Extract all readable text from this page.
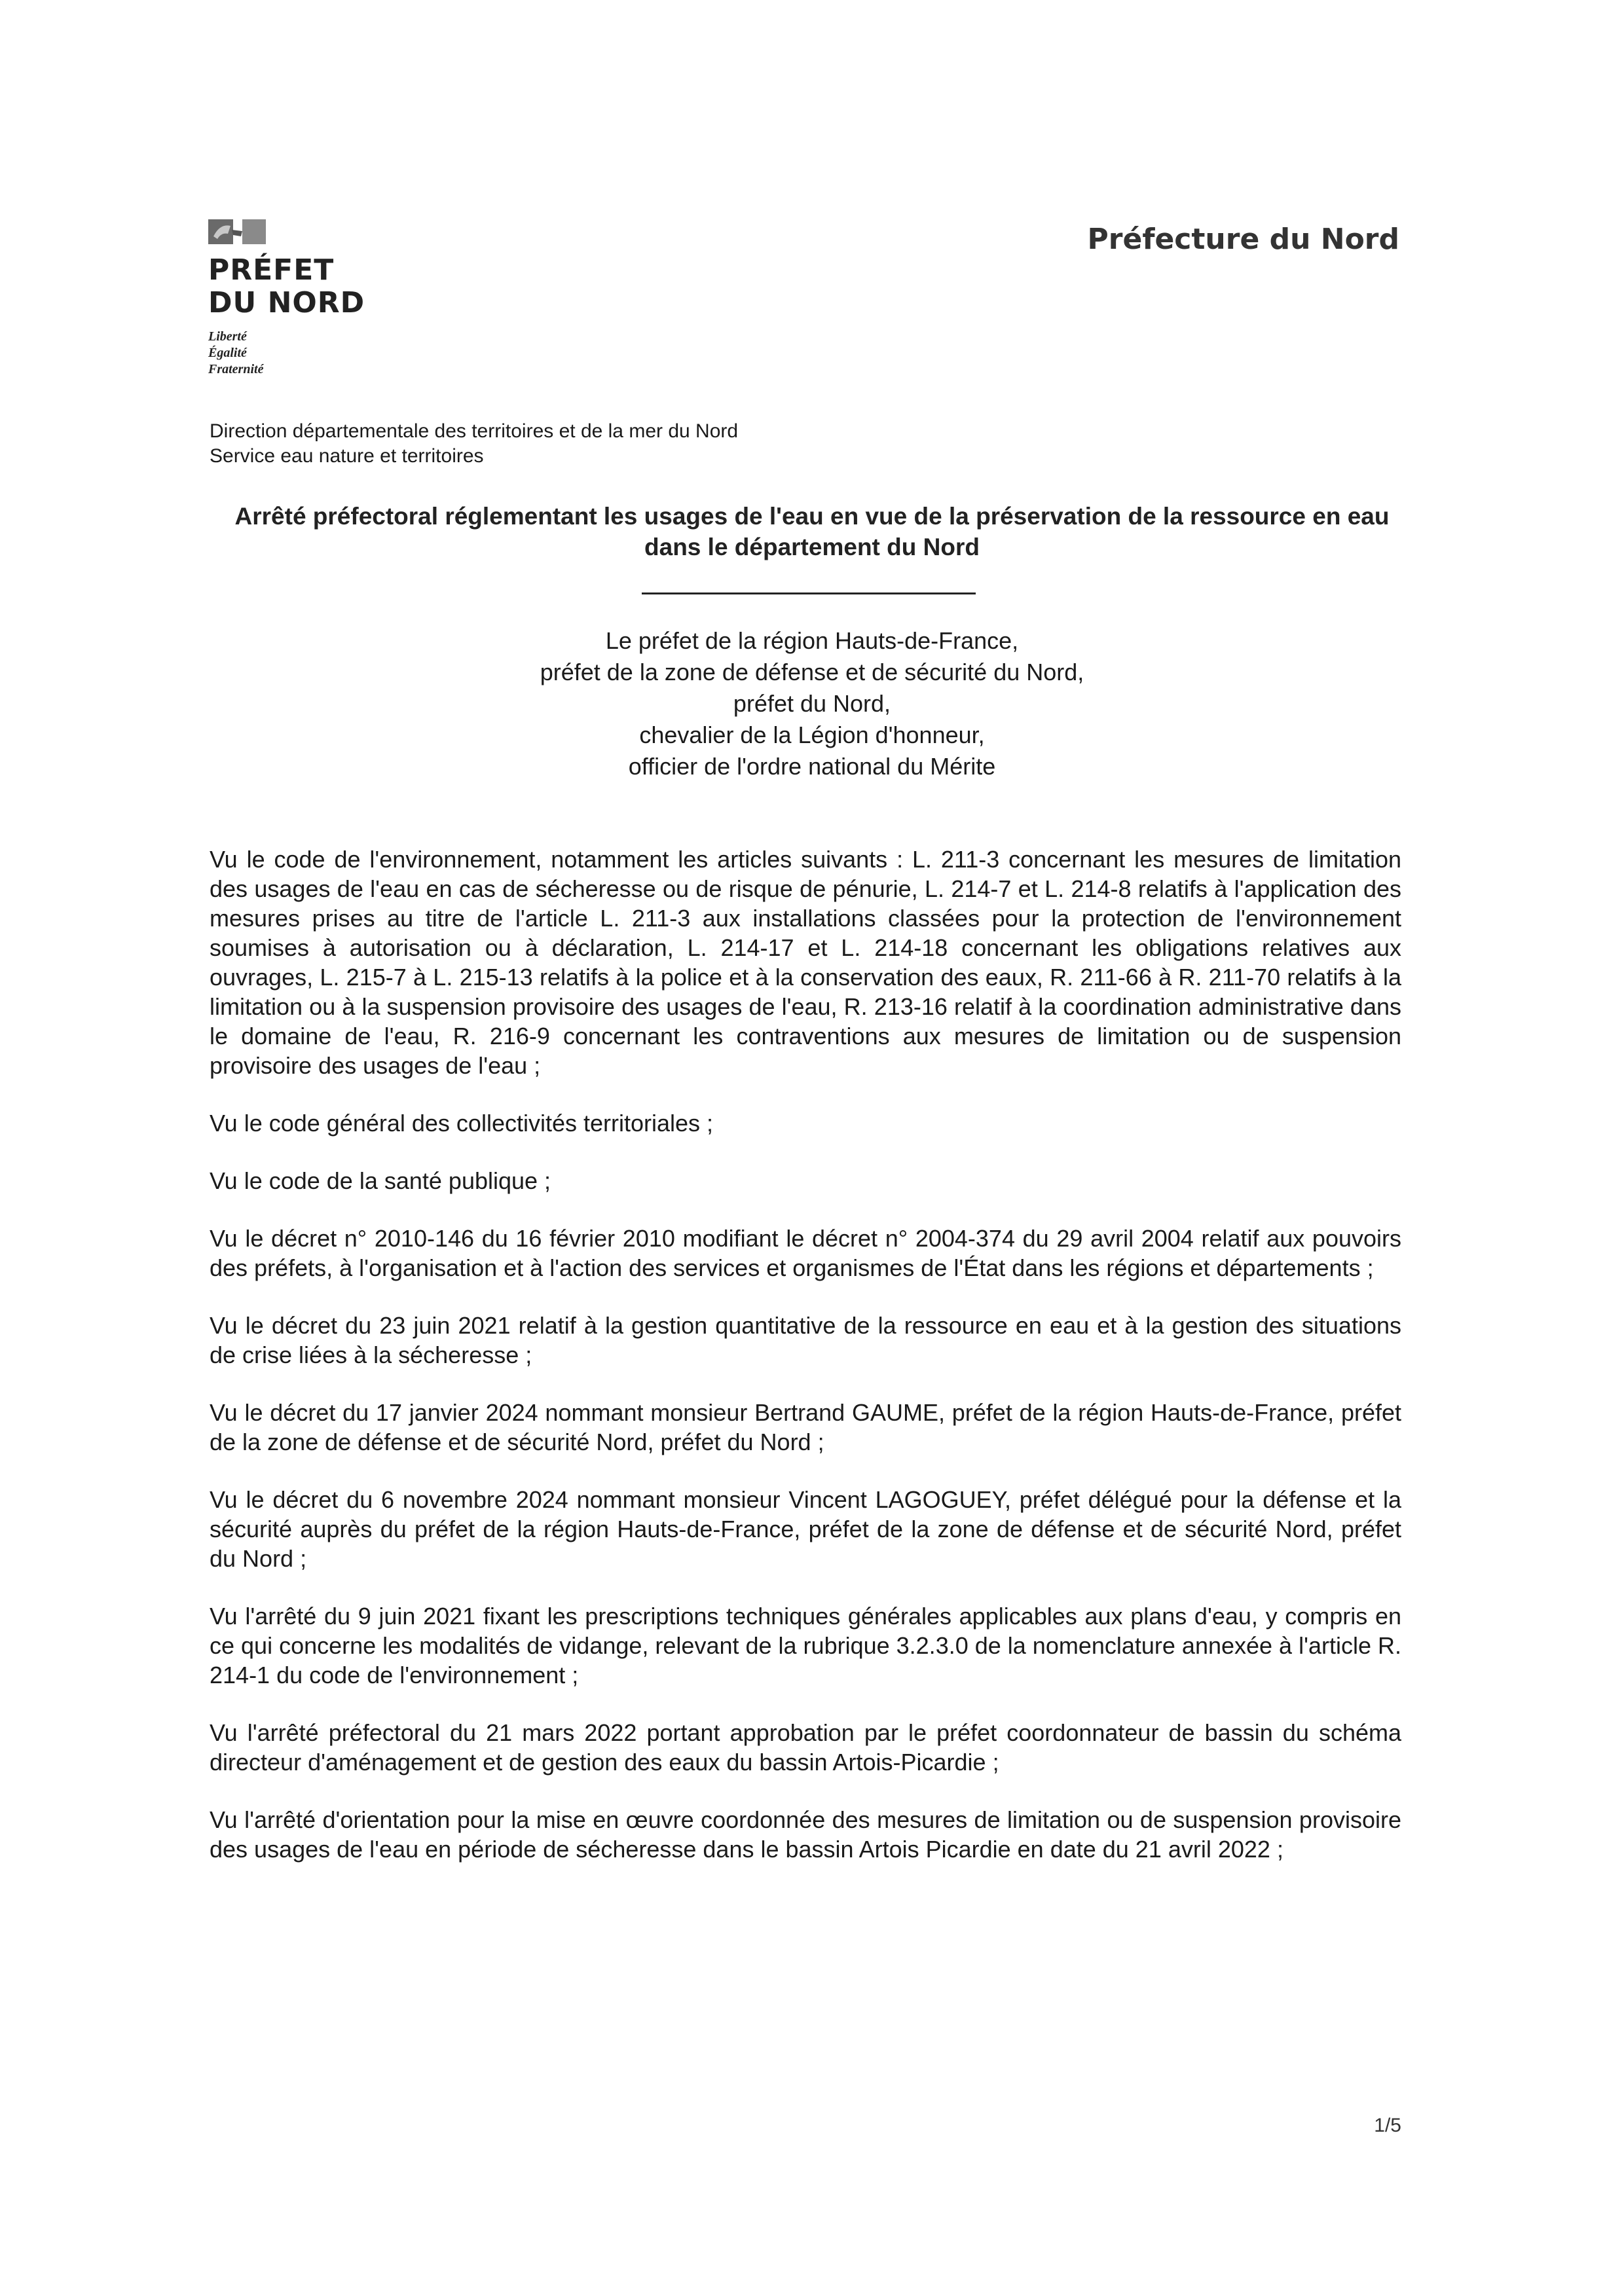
PRÉFET
DU NORD
Liberté
Égalité
Fraternité
Préfecture du Nord
Direction départementale des territoires et de la mer du Nord
Service eau nature et territoires
Arrêté préfectoral réglementant les usages de l'eau en vue de la préservation de la ressource en eau
dans le département du Nord
Le préfet de la région Hauts-de-France,
préfet de la zone de défense et de sécurité du Nord,
préfet du Nord,
chevalier de la Légion d'honneur,
officier de l'ordre national du Mérite

Vu le code de l'environnement, notamment les articles suivants : L. 211-3 concernant les mesures de limitation des usages de l'eau en cas de sécheresse ou de risque de pénurie, L. 214-7 et L. 214-8 relatifs à l'application des mesures prises au titre de l'article L. 211-3 aux installations classées pour la protection de l'environnement soumises à autorisation ou à déclaration, L. 214-17 et L. 214-18 concernant les obligations relatives aux ouvrages, L. 215-7 à L. 215-13 relatifs à la police et à la conservation des eaux, R. 211-66 à R. 211-70 relatifs à la limitation ou à la suspension provisoire des usages de l'eau, R. 213-16 relatif à la coordination administrative dans le domaine de l'eau, R. 216-9 concernant les contraventions aux mesures de limitation ou de suspension provisoire des usages de l'eau ;

Vu le code général des collectivités territoriales ;

Vu le code de la santé publique ;

Vu le décret n° 2010-146 du 16 février 2010 modifiant le décret n° 2004-374 du 29 avril 2004 relatif aux pouvoirs des préfets, à l'organisation et à l'action des services et organismes de l'État dans les régions et départements ;

Vu le décret du 23 juin 2021 relatif à la gestion quantitative de la ressource en eau et à la gestion des situations de crise liées à la sécheresse ;

Vu le décret du 17 janvier 2024 nommant monsieur Bertrand GAUME, préfet de la région Hauts-de-France, préfet de la zone de défense et de sécurité Nord, préfet du Nord ;

Vu le décret du 6 novembre 2024 nommant monsieur Vincent LAGOGUEY, préfet délégué pour la défense et la sécurité auprès du préfet de la région Hauts-de-France, préfet de la zone de défense et de sécurité Nord, préfet du Nord ;

Vu l'arrêté du 9 juin 2021 fixant les prescriptions techniques générales applicables aux plans d'eau, y compris en ce qui concerne les modalités de vidange, relevant de la rubrique 3.2.3.0 de la nomenclature annexée à l'article R. 214-1 du code de l'environnement ;

Vu l'arrêté préfectoral du 21 mars 2022 portant approbation par le préfet coordonnateur de bassin du schéma directeur d'aménagement et de gestion des eaux du bassin Artois-Picardie ;

Vu l'arrêté d'orientation pour la mise en œuvre coordonnée des mesures de limitation ou de suspension provisoire des usages de l'eau en période de sécheresse dans le bassin Artois Picardie en date du 21 avril 2022 ;

1/5
